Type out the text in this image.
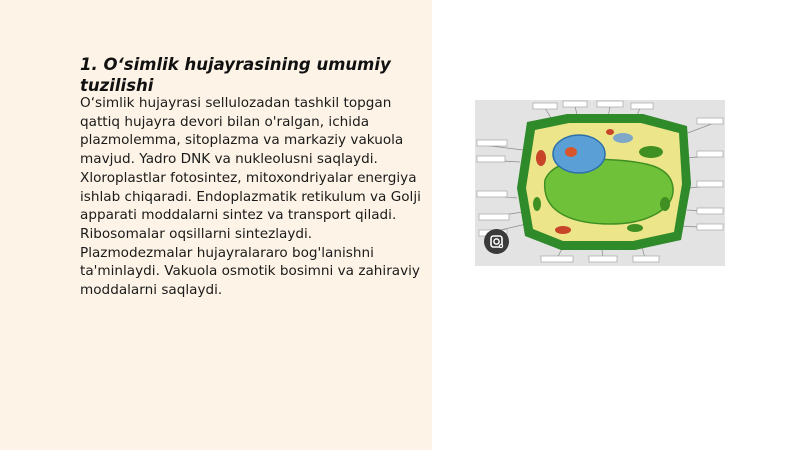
1. O‘simlik hujayrasining umumiy tuzilishi

O‘simlik hujayrasi sellulozadan tashkil topgan qattiq hujayra devori bilan o'ralgan, ichida plazmolemma, sitoplazma va markaziy vakuola mavjud. Yadro DNK va nukleolusni saqlaydi. Xloroplastlar fotosintez, mitoxondriyalar energiya ishlab chiqaradi. Endoplazmatik retikulum va Golji apparati moddalarni sintez va transport qiladi. Ribosomalar oqsillarni sintezlaydi. Plazmodezmalar hujayralararo bog'lanishni ta'minlaydi. Vakuola osmotik bosimni va zahiraviy moddalarni saqlaydi.
